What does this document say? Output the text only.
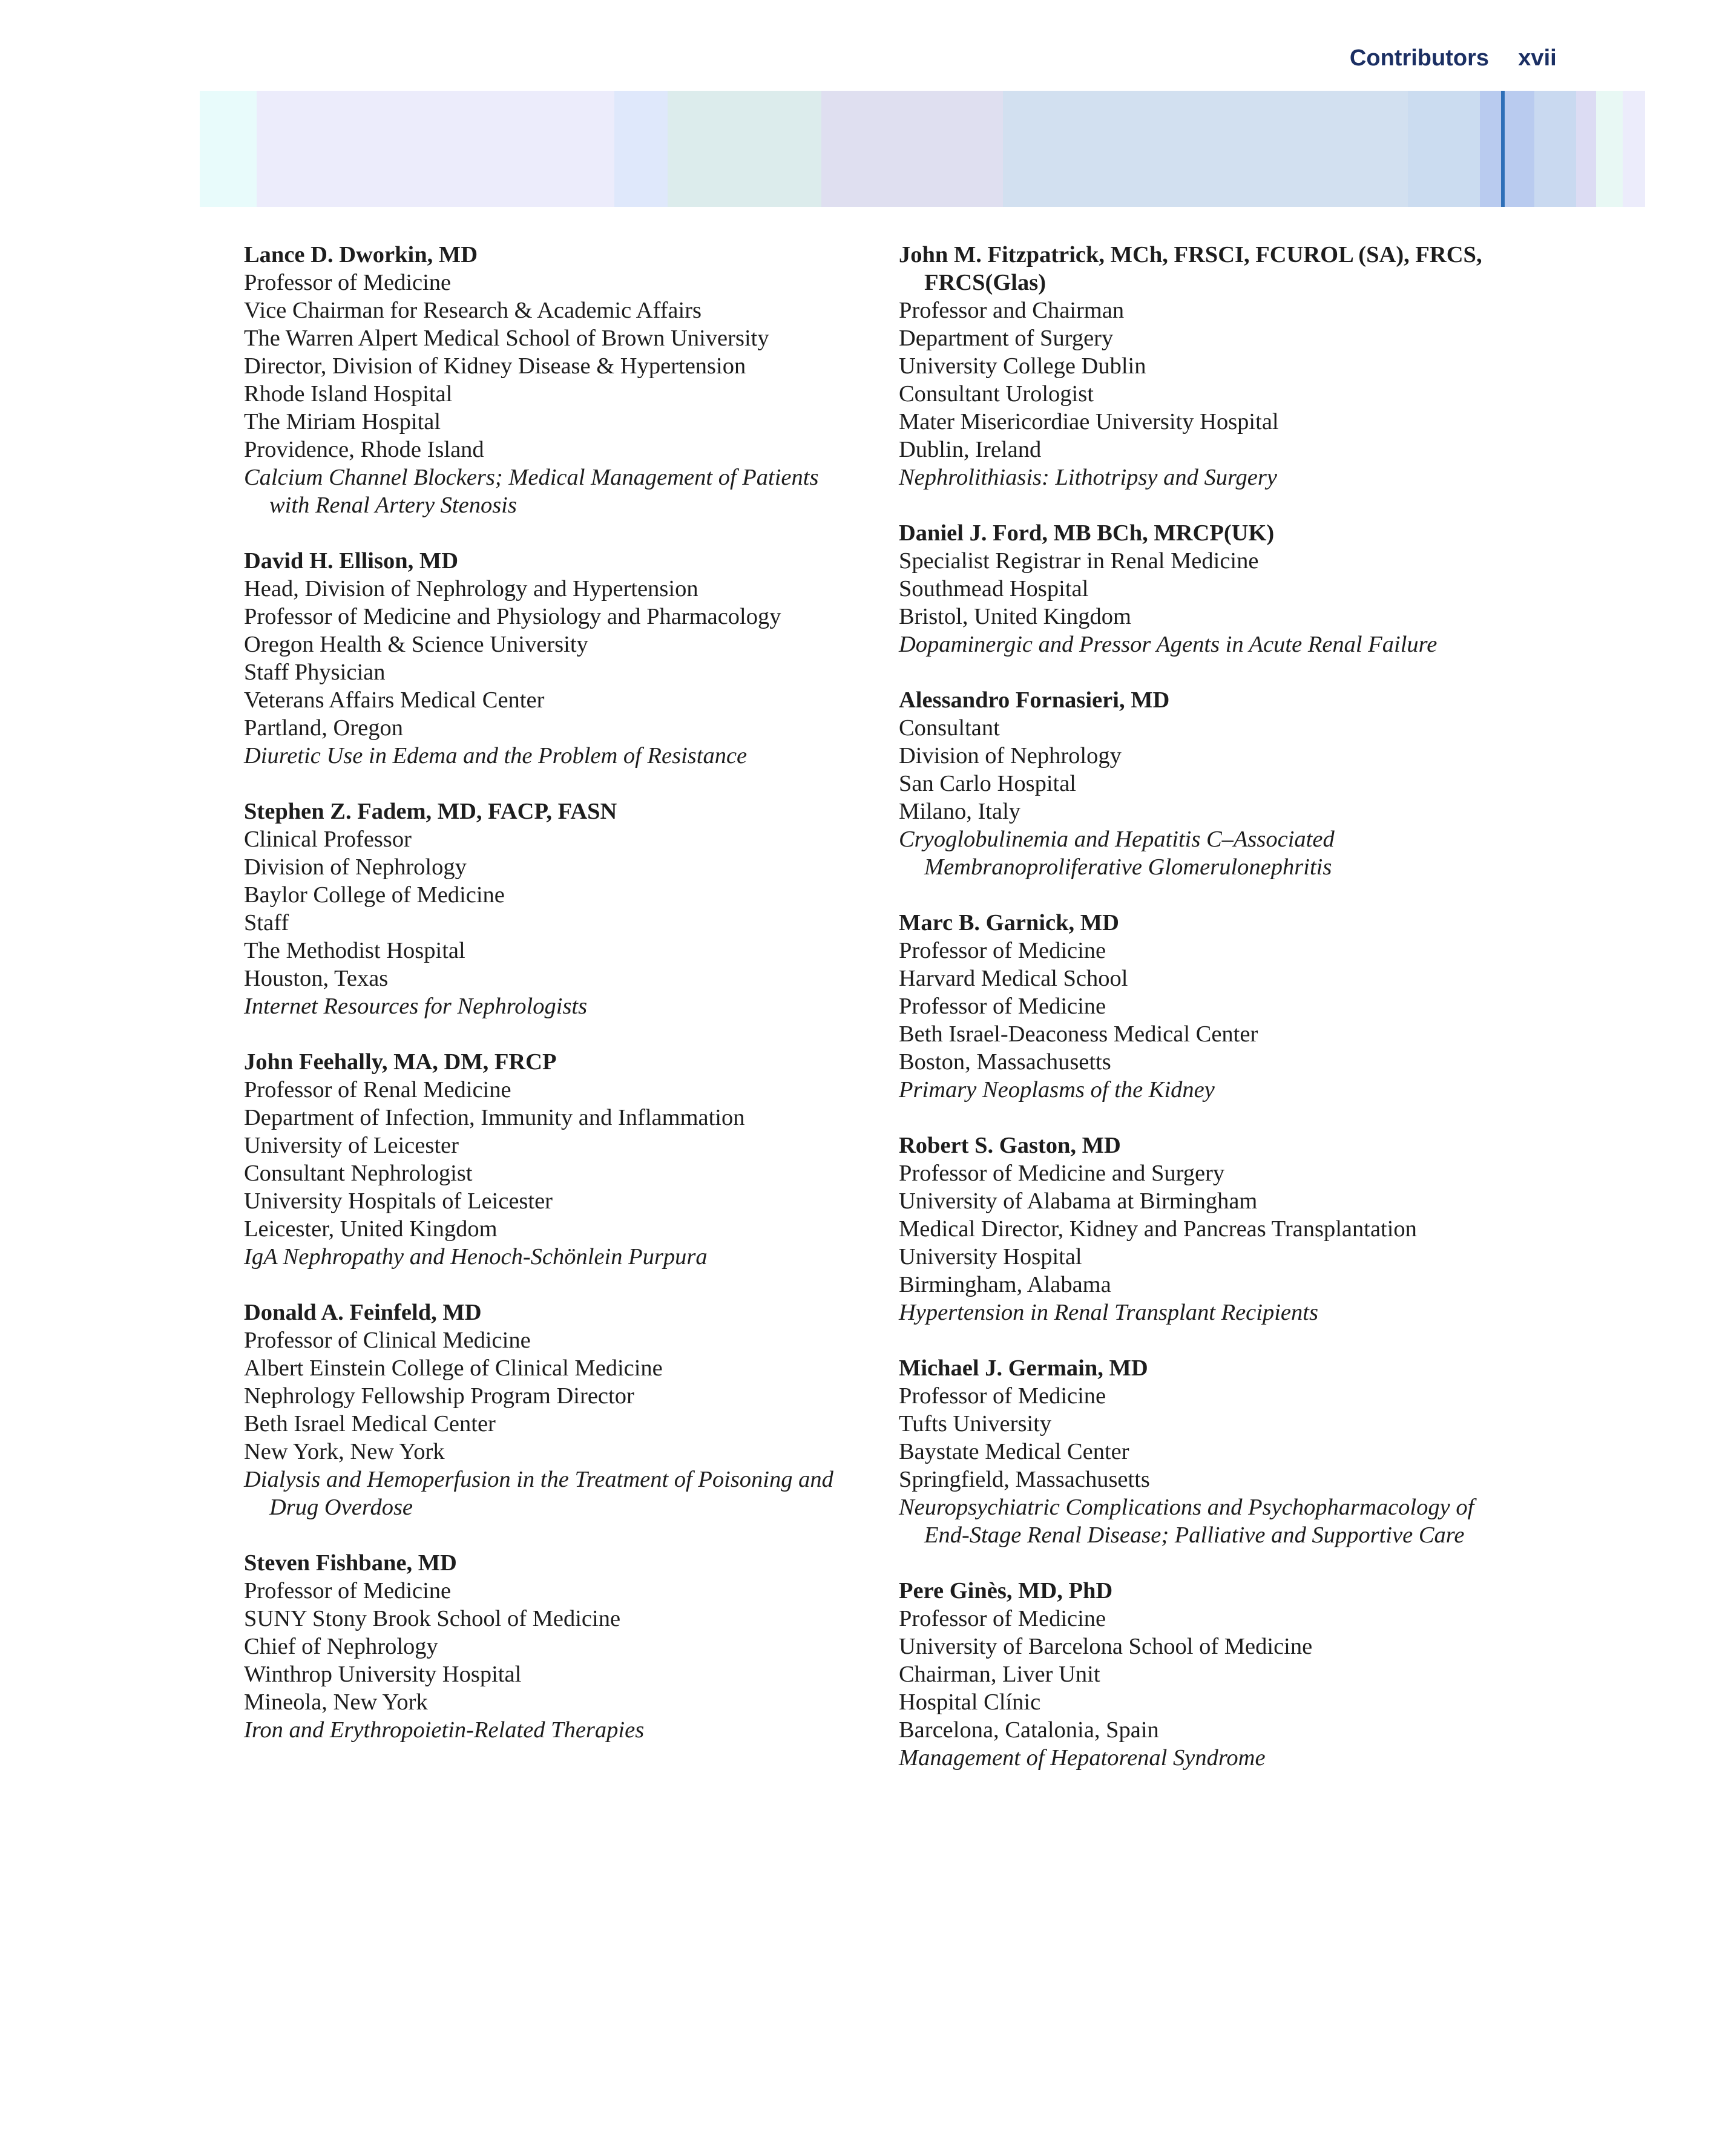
Contributors xvii
Lance D. Dworkin, MD
Professor of Medicine
Vice Chairman for Research & Academic Affairs
The Warren Alpert Medical School of Brown University
Director, Division of Kidney Disease & Hypertension
Rhode Island Hospital
The Miriam Hospital
Providence, Rhode Island
Calcium Channel Blockers; Medical Management of Patients
with Renal Artery Stenosis
David H. Ellison, MD
Head, Division of Nephrology and Hypertension
Professor of Medicine and Physiology and Pharmacology
Oregon Health & Science University
Staff Physician
Veterans Affairs Medical Center
Partland, Oregon
Diuretic Use in Edema and the Problem of Resistance
Stephen Z. Fadem, MD, FACP, FASN
Clinical Professor
Division of Nephrology
Baylor College of Medicine
Staff
The Methodist Hospital
Houston, Texas
Internet Resources for Nephrologists
John Feehally, MA, DM, FRCP
Professor of Renal Medicine
Department of Infection, Immunity and Inflammation
University of Leicester
Consultant Nephrologist
University Hospitals of Leicester
Leicester, United Kingdom
IgA Nephropathy and Henoch-Schönlein Purpura
Donald A. Feinfeld, MD
Professor of Clinical Medicine
Albert Einstein College of Clinical Medicine
Nephrology Fellowship Program Director
Beth Israel Medical Center
New York, New York
Dialysis and Hemoperfusion in the Treatment of Poisoning and
Drug Overdose
Steven Fishbane, MD
Professor of Medicine
SUNY Stony Brook School of Medicine
Chief of Nephrology
Winthrop University Hospital
Mineola, New York
Iron and Erythropoietin-Related Therapies
John M. Fitzpatrick, MCh, FRSCI, FCUROL (SA), FRCS,
FRCS(Glas)
Professor and Chairman
Department of Surgery
University College Dublin
Consultant Urologist
Mater Misericordiae University Hospital
Dublin, Ireland
Nephrolithiasis: Lithotripsy and Surgery
Daniel J. Ford, MB BCh, MRCP(UK)
Specialist Registrar in Renal Medicine
Southmead Hospital
Bristol, United Kingdom
Dopaminergic and Pressor Agents in Acute Renal Failure
Alessandro Fornasieri, MD
Consultant
Division of Nephrology
San Carlo Hospital
Milano, Italy
Cryoglobulinemia and Hepatitis C–Associated
Membranoproliferative Glomerulonephritis
Marc B. Garnick, MD
Professor of Medicine
Harvard Medical School
Professor of Medicine
Beth Israel-Deaconess Medical Center
Boston, Massachusetts
Primary Neoplasms of the Kidney
Robert S. Gaston, MD
Professor of Medicine and Surgery
University of Alabama at Birmingham
Medical Director, Kidney and Pancreas Transplantation
University Hospital
Birmingham, Alabama
Hypertension in Renal Transplant Recipients
Michael J. Germain, MD
Professor of Medicine
Tufts University
Baystate Medical Center
Springfield, Massachusetts
Neuropsychiatric Complications and Psychopharmacology of
End-Stage Renal Disease; Palliative and Supportive Care
Pere Ginès, MD, PhD
Professor of Medicine
University of Barcelona School of Medicine
Chairman, Liver Unit
Hospital Clínic
Barcelona, Catalonia, Spain
Management of Hepatorenal Syndrome
